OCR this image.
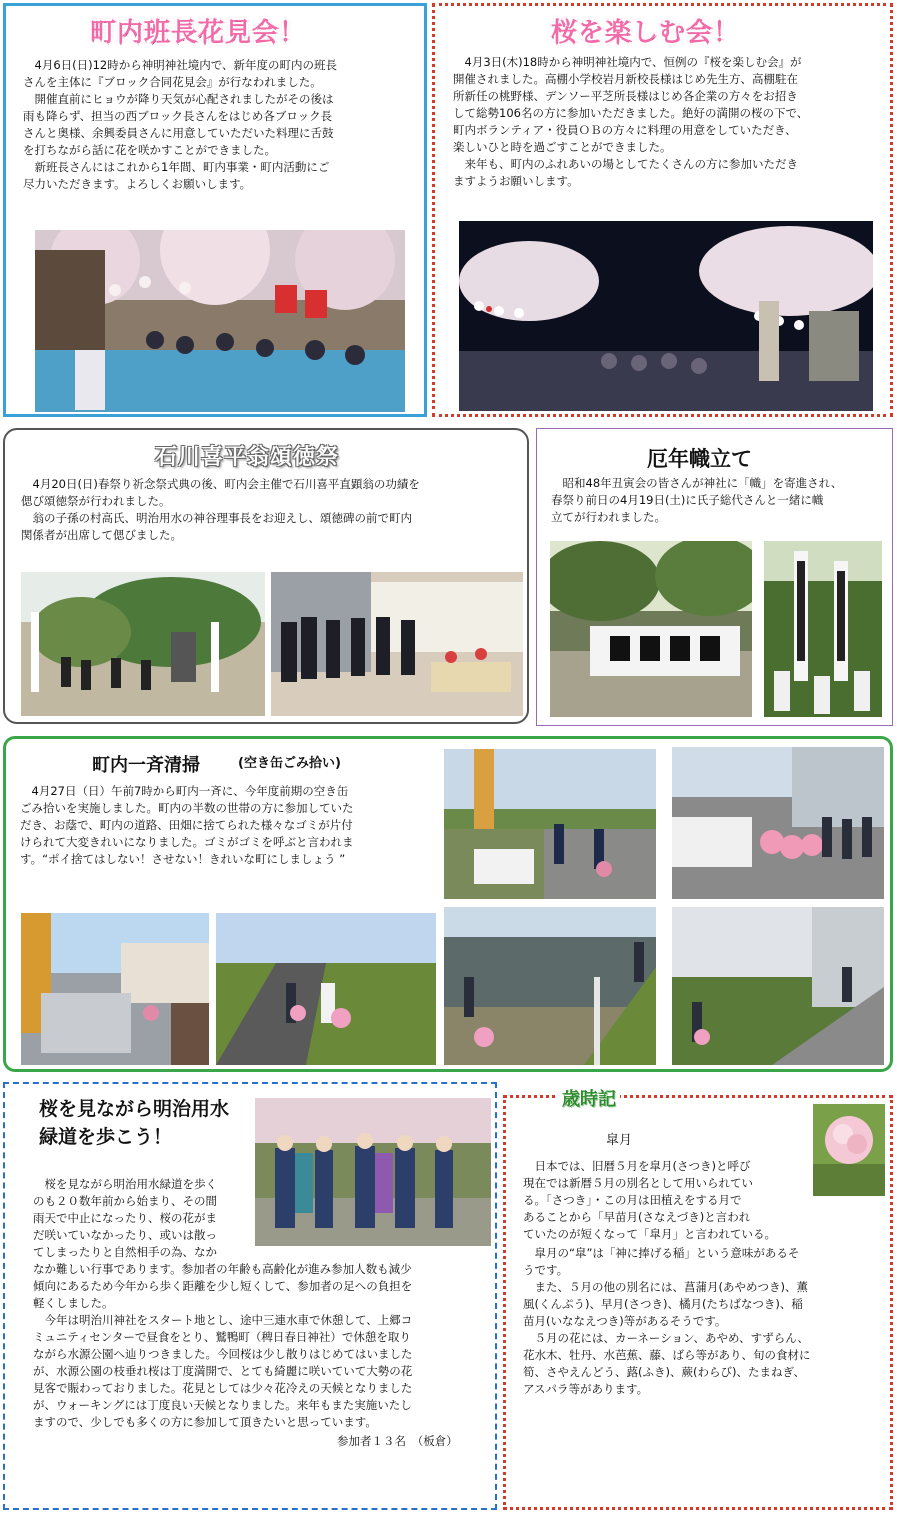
町内班長花見会！

　4月6日(日)12時から神明神社境内で、新年度の町内の班長
さんを主体に『ブロック合同花見会』が行なわれました。
　開催直前にヒョウが降り天気が心配されましたがその後は
雨も降らず、担当の西ブロック長さんをはじめ各ブロック長
さんと奥様、余興委員さんに用意していただいた料理に舌鼓
を打ちながら話に花を咲かすことができました。
　新班長さんにはこれから1年間、町内事業・町内活動にご
尽力いただきます。よろしくお願いします。

桜を楽しむ会！

　4月3日(木)18時から神明神社境内で、恒例の『桜を楽しむ会』が
開催されました。高棚小学校岩月新校長様はじめ先生方、高棚駐在
所新任の桃野様、デンソー平芝所長様はじめ各企業の方々をお招き
して総勢106名の方に参加いただきました。絶好の満開の桜の下で、
町内ボランティア・役員ＯＢの方々に料理の用意をしていただき、
楽しいひと時を過ごすことができました。
　来年も、町内のふれあいの場としてたくさんの方に参加いただき
ますようお願いします。

石川喜平翁頌徳祭

　4月20日(日)春祭り祈念祭式典の後、町内会主催で石川喜平直顕翁の功績を
偲び頌徳祭が行われました。
　翁の子孫の村高氏、明治用水の神谷理事長をお迎えし、頌徳碑の前で町内
関係者が出席して偲びました。

厄年幟立て

　昭和48年丑寅会の皆さんが神社に「幟」を寄進され、
春祭り前日の4月19日(土)に氏子総代さんと一緒に幟
立てが行われました。

町内一斉清掃	(空き缶ごみ拾い)

　4月27日（日）午前7時から町内一斉に、今年度前期の空き缶
ごみ拾いを実施しました。町内の半数の世帯の方に参加していた
だき、お蔭で、町内の道路、田畑に捨てられた様々なゴミが片付
けられて大変きれいになりました。ゴミがゴミを呼ぶと言われま
す。“ポイ捨てはしない！させない！きれいな町にしましょう ”

桜を見ながら明治用水
緑道を歩こう！

　桜を見ながら明治用水緑道を歩く
のも２０数年前から始まり、その間
雨天で中止になったり、桜の花がま
だ咲いていなかったり、或いは散っ
てしまったりと自然相手の為、なか

なか難しい行事であります。参加者の年齢も高齢化が進み参加人数も減少
傾向にあるため今年から歩く距離を少し短くして、参加者の足への負担を
軽くしました。
　今年は明治川神社をスタート地とし、途中三連水車で休憩して、上郷コ
ミュニティセンターで昼食をとり、鷲鴨町（稗日春日神社）で休憩を取り
ながら水源公園へ辿りつきました。今回桜は少し散りはじめてはいました
が、水源公園の枝垂れ桜は丁度満開で、とても綺麗に咲いていて大勢の花
見客で賑わっておりました。花見としては少々花冷えの天候となりました
が、ウォーキングには丁度良い天候となりました。来年もまた実施いたし
ますので、少しでも多くの方に参加して頂きたいと思っています。

参加者１３名　（板倉）

　日本では、旧暦５月を皐月(さつき)と呼び
現在では新暦５月の別名として用いられてい
る。「さつき」・この月は田植えをする月で
あることから「早苗月(さなえづき)と言われ
ていたのが短くなって「皐月」と言われている。

　皐月の“皐”は「神に捧げる稲」という意味があるそ
うです。
　また、５月の他の別名には、菖蒲月(あやめつき)、薫
風(くんぷう)、早月(さつき)、橘月(たちばなつき)、稲
苗月(いななえつき)等があるそうです。
　５月の花には、カーネーション、あやめ、すずらん、
花水木、牡丹、水芭蕉、藤、ばら等があり、旬の食材に
筍、さやえんどう、蕗(ふき)、蕨(わらび)、たまねぎ、
アスパラ等があります。

皐月
歳時記
